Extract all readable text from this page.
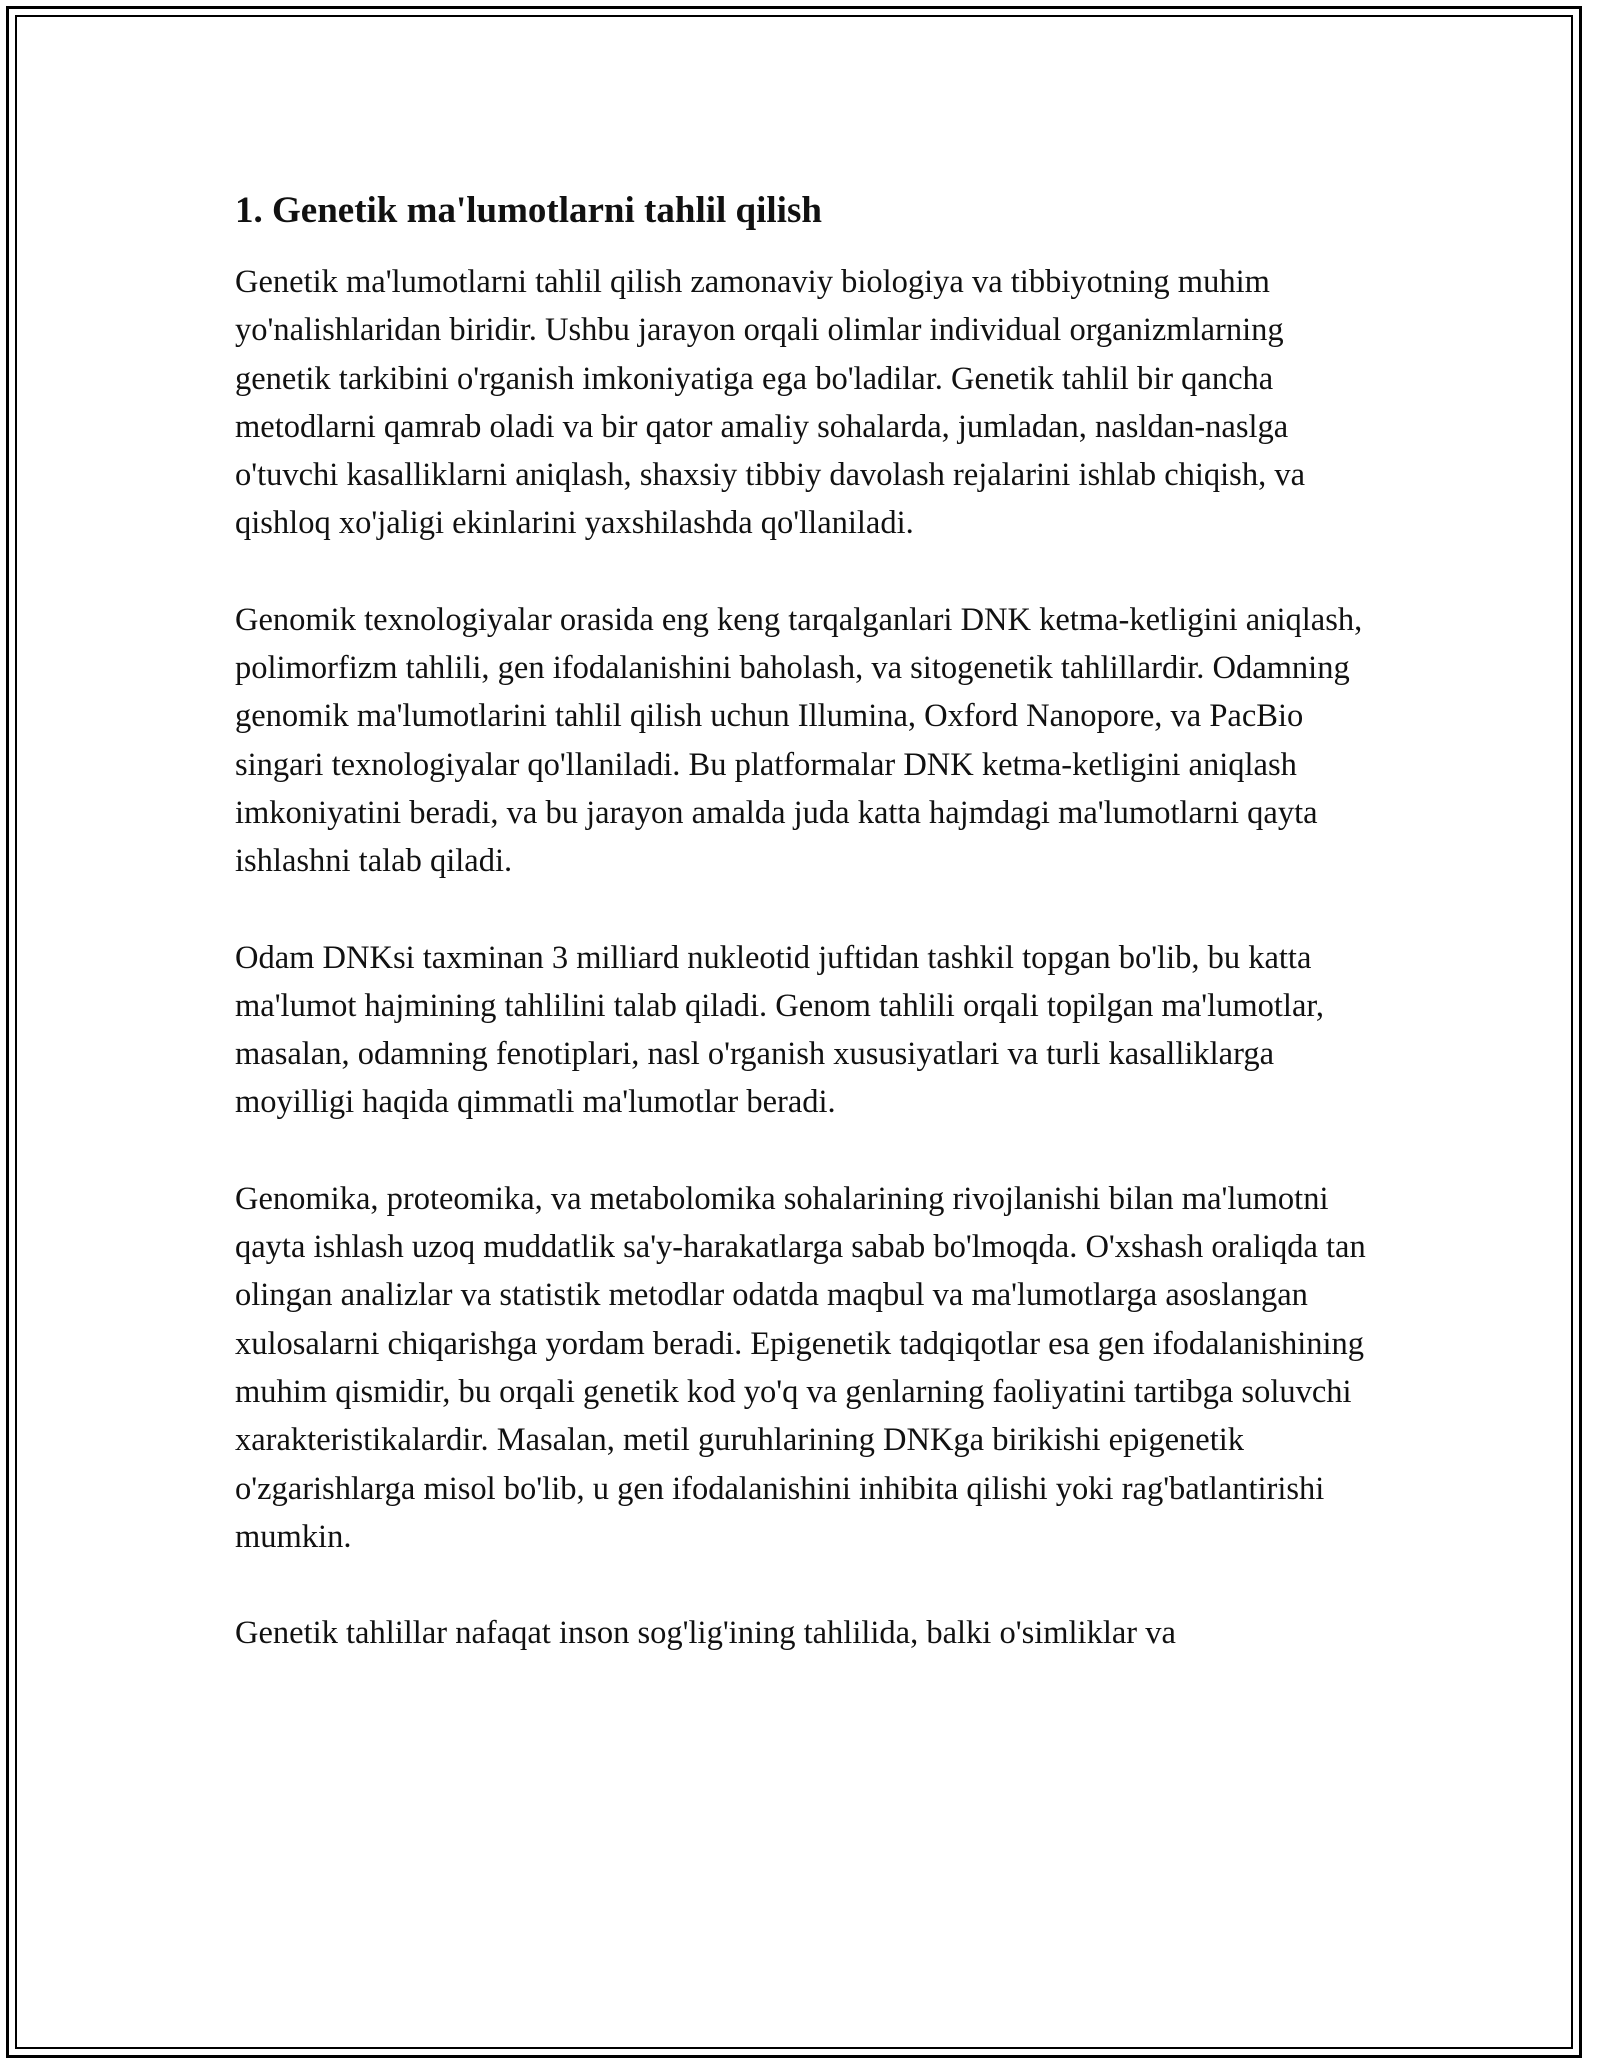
1. Genetik ma'lumotlarni tahlil qilish

Genetik ma'lumotlarni tahlil qilish zamonaviy biologiya va tibbiyotning muhim yo'nalishlaridan biridir. Ushbu jarayon orqali olimlar individual organizmlarning genetik tarkibini o'rganish imkoniyatiga ega bo'ladilar. Genetik tahlil bir qancha metodlarni qamrab oladi va bir qator amaliy sohalarda, jumladan, nasldan-naslga o'tuvchi kasalliklarni aniqlash, shaxsiy tibbiy davolash rejalarini ishlab chiqish, va qishloq xo'jaligi ekinlarini yaxshilashda qo'llaniladi.

Genomik texnologiyalar orasida eng keng tarqalganlari DNK ketma-ketligini aniqlash, polimorfizm tahlili, gen ifodalanishini baholash, va sitogenetik tahlillardir. Odamning genomik ma'lumotlarini tahlil qilish uchun Illumina, Oxford Nanopore, va PacBio singari texnologiyalar qo'llaniladi. Bu platformalar DNK ketma-ketligini aniqlash imkoniyatini beradi, va bu jarayon amalda juda katta hajmdagi ma'lumotlarni qayta ishlashni talab qiladi.

Odam DNKsi taxminan 3 milliard nukleotid juftidan tashkil topgan bo'lib, bu katta ma'lumot hajmining tahlilini talab qiladi. Genom tahlili orqali topilgan ma'lumotlar, masalan, odamning fenotiplari, nasl o'rganish xususiyatlari va turli kasalliklarga moyilligi haqida qimmatli ma'lumotlar beradi.

Genomika, proteomika, va metabolomika sohalarining rivojlanishi bilan ma'lumotni qayta ishlash uzoq muddatlik sa'y-harakatlarga sabab bo'lmoqda. O'xshash oraliqda tan olingan analizlar va statistik metodlar odatda maqbul va ma'lumotlarga asoslangan xulosalarni chiqarishga yordam beradi. Epigenetik tadqiqotlar esa gen ifodalanishining muhim qismidir, bu orqali genetik kod yo'q va genlarning faoliyatini tartibga soluvchi xarakteristikalardir. Masalan, metil guruhlarining DNKga birikishi epigenetik o'zgarishlarga misol bo'lib, u gen ifodalanishini inhibita qilishi yoki rag'batlantirishi mumkin.

Genetik tahlillar nafaqat inson sog'lig'ining tahlilida, balki o'simliklar va
